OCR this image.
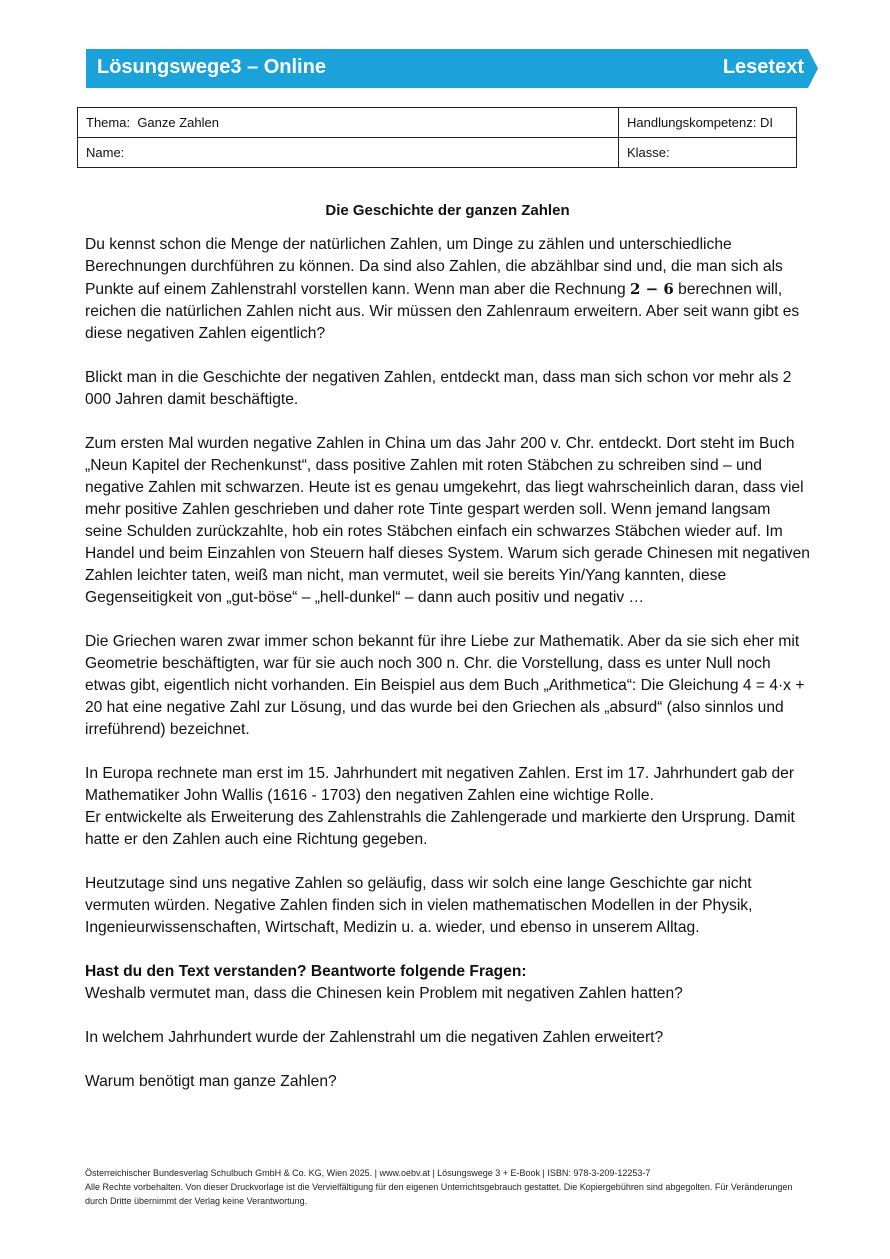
Lösungswege3 – Online	Lesetext
Thema: Ganze Zahlen	Handlungskompetenz: DI
Name:	Klasse:
Die Geschichte der ganzen Zahlen

Du kennst schon die Menge der natürlichen Zahlen, um Dinge zu zählen und unterschiedliche Berechnungen durchführen zu können. Da sind also Zahlen, die abzählbar sind und, die man sich als Punkte auf einem Zahlenstrahl vorstellen kann. Wenn man aber die Rechnung 2 − 6 berechnen will, reichen die natürlichen Zahlen nicht aus. Wir müssen den Zahlenraum erweitern. Aber seit wann gibt es diese negativen Zahlen eigentlich?

Blickt man in die Geschichte der negativen Zahlen, entdeckt man, dass man sich schon vor mehr als 2 000 Jahren damit beschäftigte.

Zum ersten Mal wurden negative Zahlen in China um das Jahr 200 v. Chr. entdeckt. Dort steht im Buch „Neun Kapitel der Rechenkunst“, dass positive Zahlen mit roten Stäbchen zu schreiben sind – und negative Zahlen mit schwarzen. Heute ist es genau umgekehrt, das liegt wahrscheinlich daran, dass viel mehr positive Zahlen geschrieben und daher rote Tinte gespart werden soll. Wenn jemand langsam seine Schulden zurückzahlte, hob ein rotes Stäbchen einfach ein schwarzes Stäbchen wieder auf. Im Handel und beim Einzahlen von Steuern half dieses System. Warum sich gerade Chinesen mit negativen Zahlen leichter taten, weiß man nicht, man vermutet, weil sie bereits Yin/Yang kannten, diese Gegenseitigkeit von „gut-böse“ – „hell-dunkel“ – dann auch positiv und negativ …

Die Griechen waren zwar immer schon bekannt für ihre Liebe zur Mathematik. Aber da sie sich eher mit Geometrie beschäftigten, war für sie auch noch 300 n. Chr. die Vorstellung, dass es unter Null noch etwas gibt, eigentlich nicht vorhanden. Ein Beispiel aus dem Buch „Arithmetica“: Die Gleichung 4 = 4·x + 20 hat eine negative Zahl zur Lösung, und das wurde bei den Griechen als „absurd“ (also sinnlos und irreführend) bezeichnet.

In Europa rechnete man erst im 15. Jahrhundert mit negativen Zahlen. Erst im 17. Jahrhundert gab der Mathematiker John Wallis (1616 - 1703) den negativen Zahlen eine wichtige Rolle.
Er entwickelte als Erweiterung des Zahlenstrahls die Zahlengerade und markierte den Ursprung. Damit hatte er den Zahlen auch eine Richtung gegeben.

Heutzutage sind uns negative Zahlen so geläufig, dass wir solch eine lange Geschichte gar nicht vermuten würden. Negative Zahlen finden sich in vielen mathematischen Modellen in der Physik, Ingenieurwissenschaften, Wirtschaft, Medizin u. a. wieder, und ebenso in unserem Alltag.

Hast du den Text verstanden? Beantworte folgende Fragen:
Weshalb vermutet man, dass die Chinesen kein Problem mit negativen Zahlen hatten?
In welchem Jahrhundert wurde der Zahlenstrahl um die negativen Zahlen erweitert?
Warum benötigt man ganze Zahlen?
Österreichischer Bundesverlag Schulbuch GmbH & Co. KG, Wien 2025. | www.oebv.at | Lösungswege 3 + E-Book | ISBN: 978-3-209-12253-7
Alle Rechte vorbehalten. Von dieser Druckvorlage ist die Vervielfältigung für den eigenen Unterrichtsgebrauch gestattet. Die Kopiergebühren sind abgegolten. Für Veränderungen durch Dritte übernimmt der Verlag keine Verantwortung.
